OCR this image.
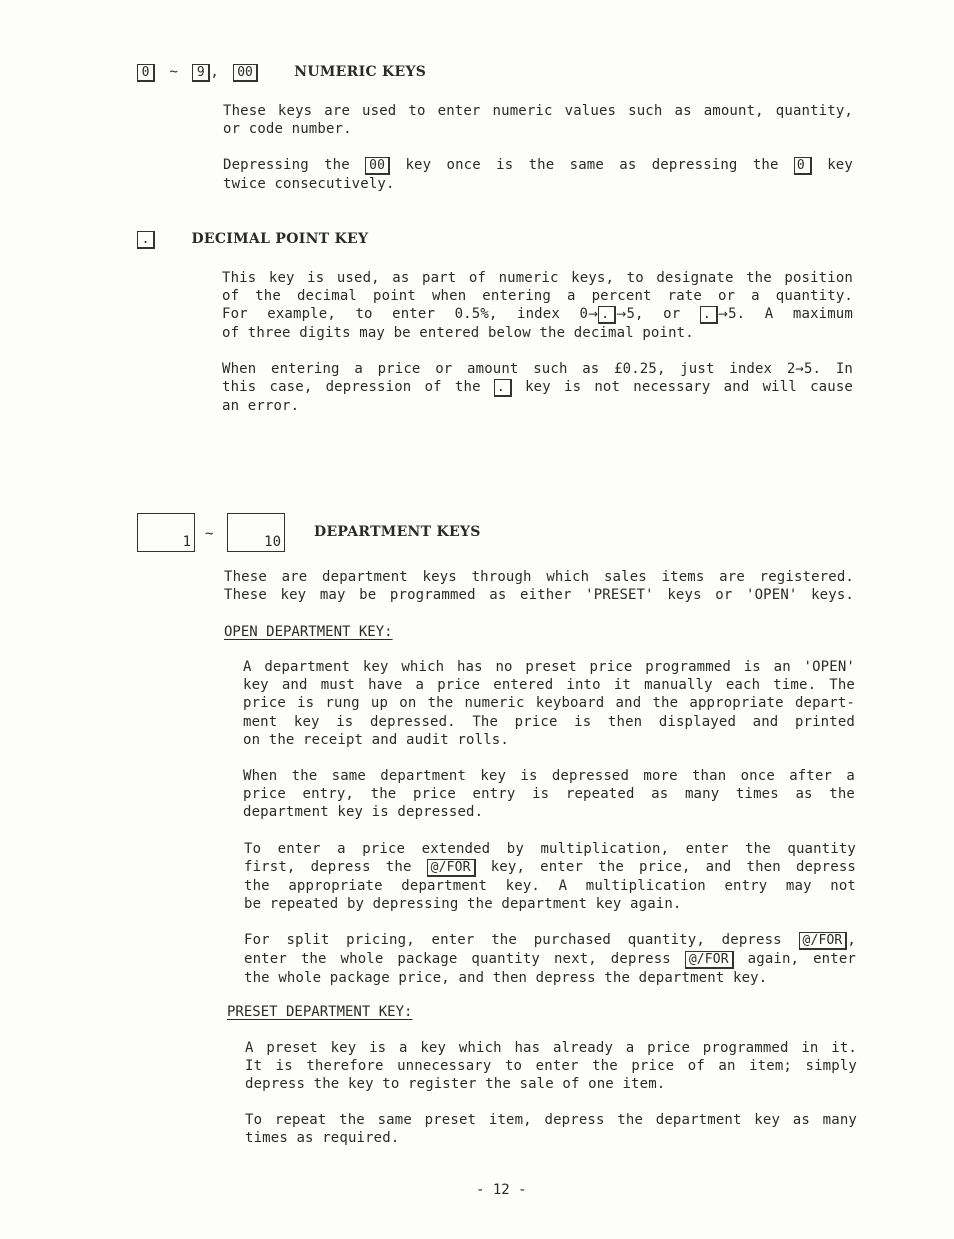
0 ~ 9 , 00	NUMERIC KEYS
These keys are used to enter numeric values such as amount, quantity,
or code number.
Depressing the 00 key once is the same as depressing the 0 key
twice consecutively.
.	DECIMAL POINT KEY
This key is used, as part of numeric keys, to designate the position
of the decimal point when entering a percent rate or a quantity.
For example, to enter 0.5%, index 0→ . →5, or . →5. A maximum
of three digits may be entered below the decimal point.
When entering a price or amount such as £0.25, just index 2→5. In
this case, depression of the . key is not necessary and will cause
an error.
1 ~	10
DEPARTMENT KEYS
These are department keys through which sales items are registered.
These key may be programmed as either 'PRESET' keys or 'OPEN' keys.
OPEN DEPARTMENT KEY:
A department key which has no preset price programmed is an 'OPEN'
key and must have a price entered into it manually each time. The
price is rung up on the numeric keyboard and the appropriate depart-
ment key is depressed. The price is then displayed and printed
on the receipt and audit rolls.
When the same department key is depressed more than once after a
price entry, the price entry is repeated as many times as the
department key is depressed.
To enter a price extended by multiplication, enter the quantity
first, depress the @/FOR key, enter the price, and then depress
the appropriate department key. A multiplication entry may not
be repeated by depressing the department key again.
For split pricing, enter the purchased quantity, depress @/FOR ,
enter the whole package quantity next, depress @/FOR again, enter
the whole package price, and then depress the department key.
PRESET DEPARTMENT KEY:
A preset key is a key which has already a price programmed in it.
It is therefore unnecessary to enter the price of an item; simply
depress the key to register the sale of one item.
To repeat the same preset item, depress the department key as many
times as required.
- 12 -
